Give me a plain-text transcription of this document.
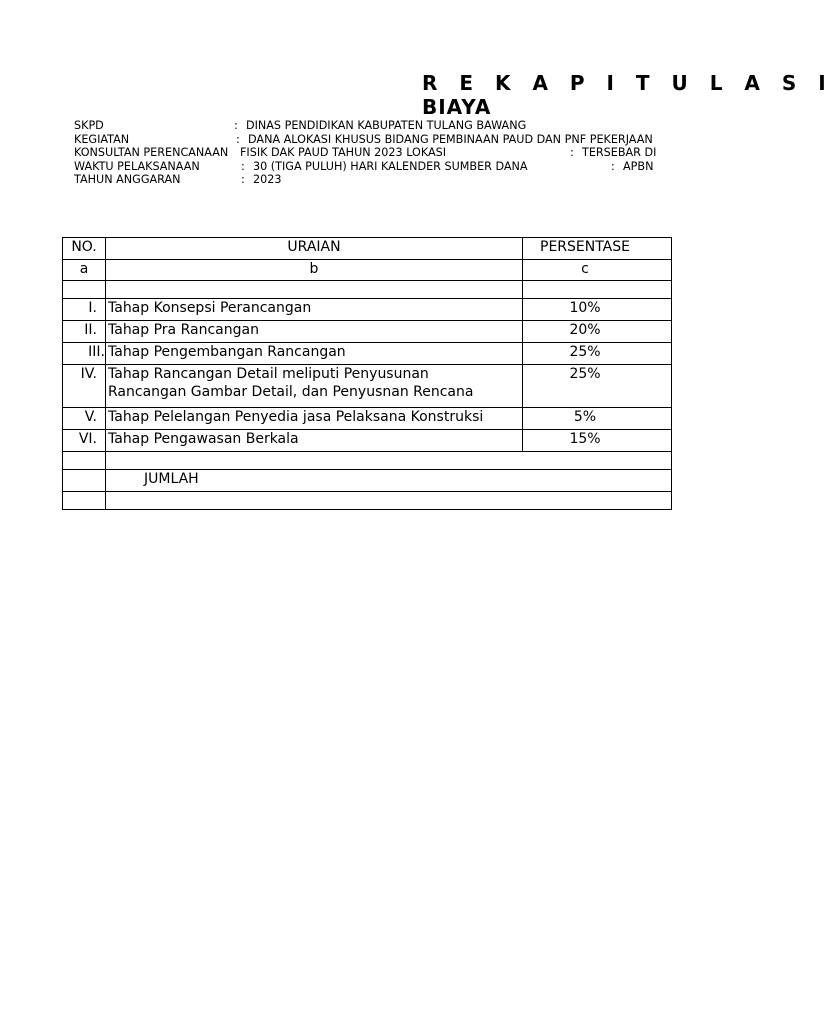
R E K A P I T U L A S I
BIAYA
SKPD	: DINAS PENDIDIKAN KABUPATEN TULANG BAWANG
KEGIATAN	: DANA ALOKASI KHUSUS BIDANG PEMBINAAN PAUD DAN PNF PEKERJAAN
KONSULTAN PERENCANAAN FISIK DAK PAUD TAHUN 2023 LOKASI	: TERSEBAR DI
WAKTU PELAKSANAAN	: 30 (TIGA PULUH) HARI KALENDER SUMBER DANA	: APBN
TAHUN ANGGARAN	: 2023
NO.	URAIAN	PERSENTASE
a	b	c

I.	Tahap Konsepsi Perancangan	10%
II.	Tahap Pra Rancangan	20%
III.	Tahap Pengembangan Rancangan	25%
IV.	Tahap Rancangan Detail meliputi Penyusunan
Rancangan Gambar Detail, dan Penyusnan Rencana	25%
V.	Tahap Pelelangan Penyedia jasa Pelaksana Konstruksi	5%
VI.	Tahap Pengawasan Berkala	15%

	JUMLAH	
